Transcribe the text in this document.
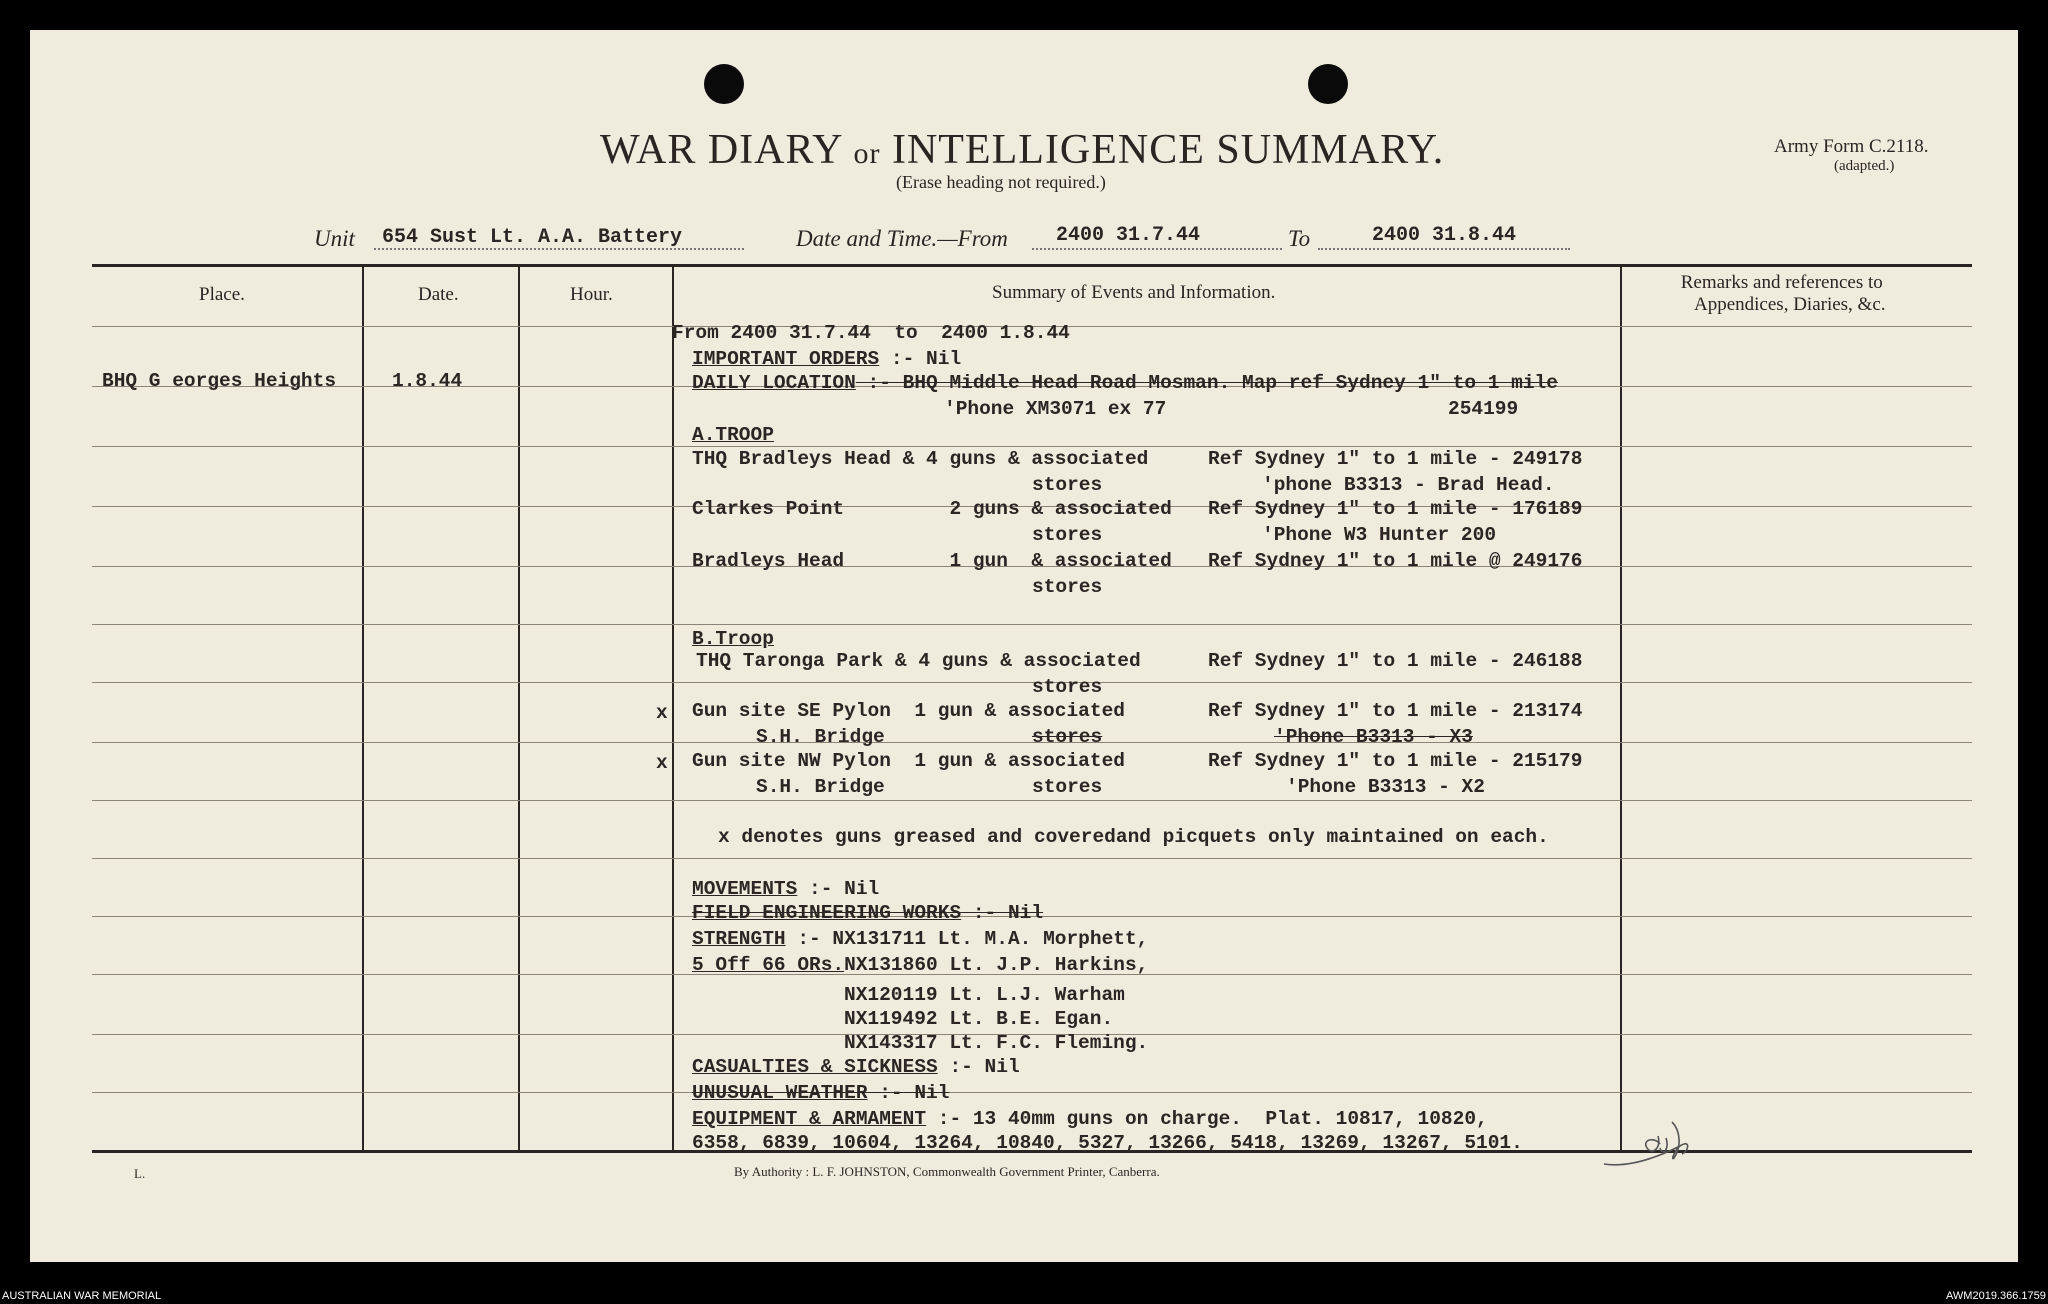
WAR DIARY or INTELLIGENCE SUMMARY.
(Erase heading not required.)
Army Form C.2118.
(adapted.)
Unit 654 Sust Lt. A.A. Battery	Date and Time.—From 2400 31.7.44	To	2400 31.8.44
Place.	Date.	Hour.	Summary of Events and Information.	Remarks and references to
Appendices, Diaries, &c.
BHQ G eorges Heights	1.8.44
From 2400 31.7.44  to  2400 1.8.44
IMPORTANT ORDERS :- Nil
DAILY LOCATION :- BHQ Middle Head Road Mosman. Map ref Sydney 1" to 1 mile
'Phone XM3071 ex 77	254199
A.TROOP
THQ Bradleys Head & 4 guns & associated	Ref Sydney 1" to 1 mile - 249178
stores	'phone B3313 - Brad Head.
Clarkes Point         2 guns & associated Ref Sydney 1" to 1 mile - 176189
stores	'Phone W3 Hunter 200
Bradleys Head         1 gun  & associated Ref Sydney 1" to 1 mile @ 249176
stores
B.Troop
THQ Taronga Park & 4 guns & associated	Ref Sydney 1" to 1 mile - 246188
stores
x Gun site SE Pylon  1 gun & associated	Ref Sydney 1" to 1 mile - 213174
S.H. Bridge	stores	'Phone B3313 - X3
x Gun site NW Pylon  1 gun & associated	Ref Sydney 1" to 1 mile - 215179
S.H. Bridge	stores	'Phone B3313 - X2
x denotes guns greased and coveredand picquets only maintained on each.
MOVEMENTS :- Nil
FIELD ENGINEERING WORKS :- Nil
STRENGTH :- NX131711 Lt. M.A. Morphett,
5 Off 66 ORs.NX131860 Lt. J.P. Harkins,
NX120119 Lt. L.J. Warham
NX119492 Lt. B.E. Egan.
NX143317 Lt. F.C. Fleming.
CASUALTIES & SICKNESS :- Nil
UNUSUAL WEATHER :- Nil
EQUIPMENT & ARMAMENT :- 13 40mm guns on charge.  Plat. 10817, 10820,
6358, 6839, 10604, 13264, 10840, 5327, 13266, 5418, 13269, 13267, 5101.
L.	By Authority : L. F. JOHNSTON, Commonwealth Government Printer, Canberra.
AUSTRALIAN WAR MEMORIAL	AWM2019.366.1759
